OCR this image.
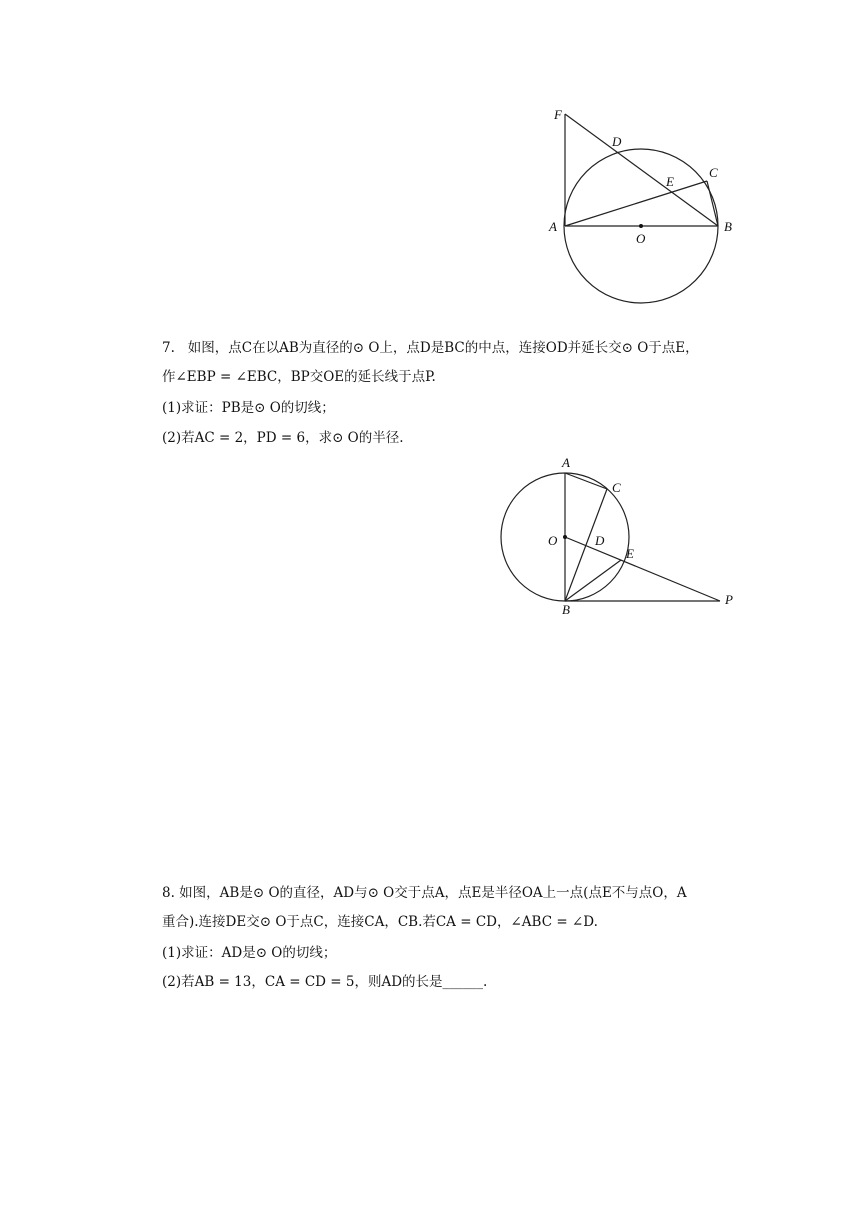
F
D
C
E
A
O
B
7.   如图，点C在以AB为直径的⊙ O上，点D是BC的中点，连接OD并延长交⊙ O于点E，
作∠EBP = ∠EBC，BP交OE的延长线于点P.
(1)求证：PB是⊙ O的切线；
(2)若AC = 2，PD = 6，求⊙ O的半径.
A
C
O	D
E
B
P
8. 如图，AB是⊙ O的直径，AD与⊙ O交于点A，点E是半径OA上一点(点E不与点O，A
重合).连接DE交⊙ O于点C，连接CA，CB.若CA = CD，∠ABC = ∠D.
(1)求证：AD是⊙ O的切线；
(2)若AB = 13，CA = CD = 5，则AD的长是______.
